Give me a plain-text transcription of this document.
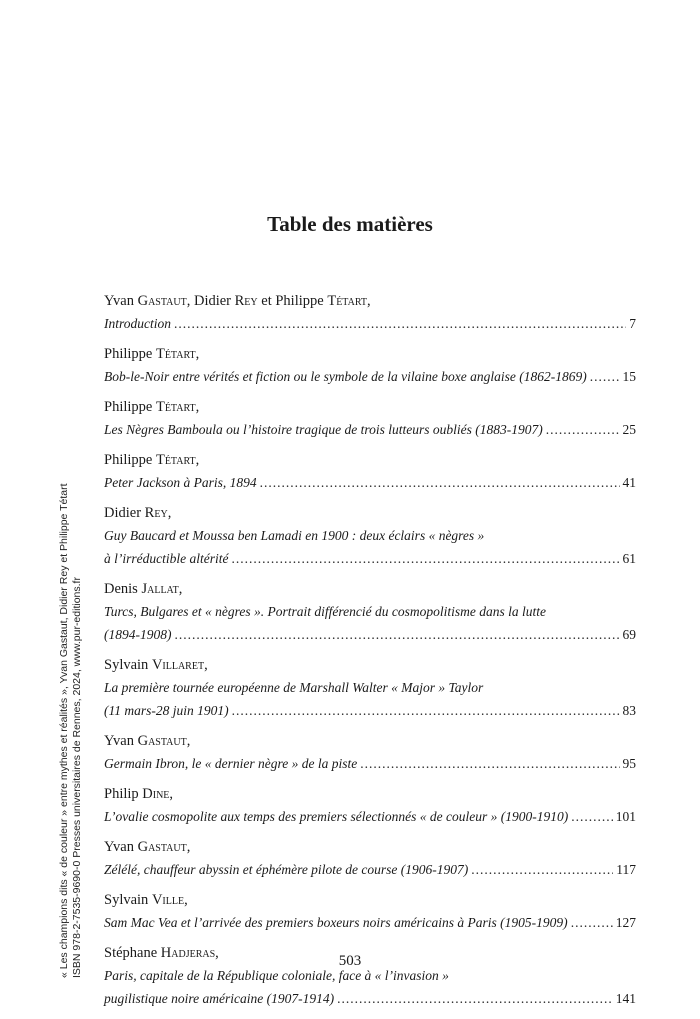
« Les champions dits « de couleur » entre mythes et réalités », Yvan Gastaut, Didier Rey et Philippe Tétart ISBN 978-2-7535-9690-0 Presses universitaires de Rennes, 2024, www.pur-editions.fr
Table des matières
Yvan Gastaut, Didier Rey et Philippe Tétart,
Introduction .....	7
Philippe Tétart,
Bob-le-Noir entre vérités et fiction ou le symbole de la vilaine boxe anglaise (1862-1869) .....	15
Philippe Tétart,
Les Nègres Bamboula ou l’histoire tragique de trois lutteurs oubliés (1883-1907) .....	25
Philippe Tétart,
Peter Jackson à Paris, 1894 .....	41
Didier Rey,
Guy Baucard et Moussa ben Lamadi en 1900 : deux éclairs « nègres »
à l’irréductible altérité .....	61
Denis Jallat,
Turcs, Bulgares et « nègres ». Portrait différencié du cosmopolitisme dans la lutte
(1894-1908) .....	69
Sylvain Villaret,
La première tournée européenne de Marshall Walter « Major » Taylor
(11 mars-28 juin 1901) .....	83
Yvan Gastaut,
Germain Ibron, le « dernier nègre » de la piste .....	95
Philip Dine,
L’ovalie cosmopolite aux temps des premiers sélectionnés « de couleur » (1900-1910) .....	101
Yvan Gastaut,
Zélélé, chauffeur abyssin et éphémère pilote de course (1906-1907) .....	117
Sylvain Ville,
Sam Mac Vea et l’arrivée des premiers boxeurs noirs américains à Paris (1905-1909) .....	127
Stéphane Hadjeras,
Paris, capitale de la République coloniale, face à « l’invasion »
pugilistique noire américaine (1907-1914) .....	141
503
